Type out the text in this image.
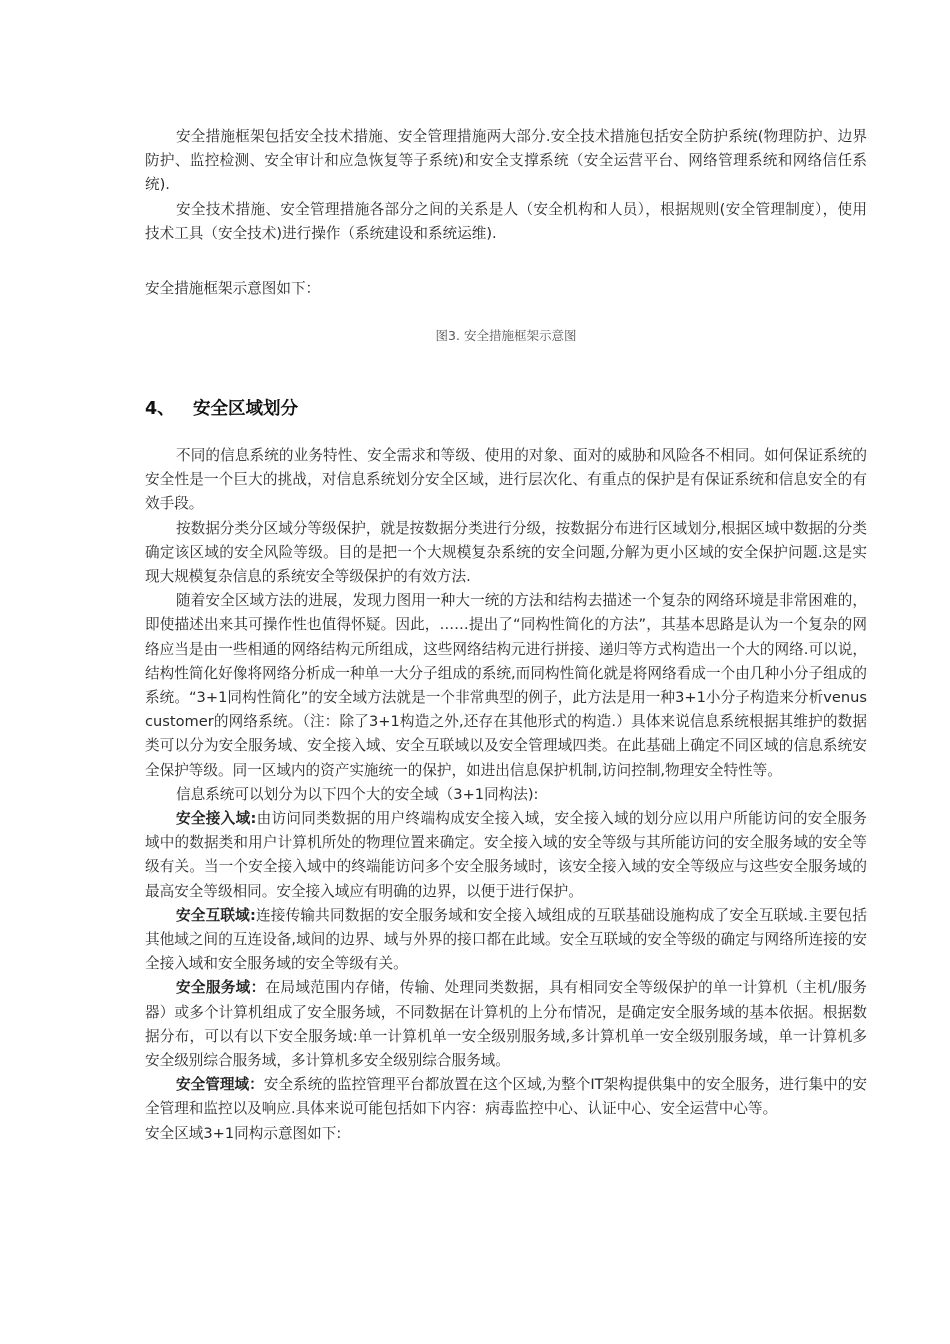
安全措施框架包括安全技术措施、安全管理措施两大部分.安全技术措施包括安全防护系统(物理防护、边界防护、监控检测、安全审计和应急恢复等子系统)和安全支撑系统（安全运营平台、网络管理系统和网络信任系统).

安全技术措施、安全管理措施各部分之间的关系是人（安全机构和人员），根据规则(安全管理制度），使用技术工具（安全技术)进行操作（系统建设和系统运维).

安全措施框架示意图如下：

图3. 安全措施框架示意图
4、 安全区域划分

不同的信息系统的业务特性、安全需求和等级、使用的对象、面对的威胁和风险各不相同。如何保证系统的安全性是一个巨大的挑战，对信息系统划分安全区域，进行层次化、有重点的保护是有保证系统和信息安全的有效手段。

按数据分类分区域分等级保护，就是按数据分类进行分级，按数据分布进行区域划分,根据区域中数据的分类确定该区域的安全风险等级。目的是把一个大规模复杂系统的安全问题,分解为更小区域的安全保护问题.这是实现大规模复杂信息的系统安全等级保护的有效方法.

随着安全区域方法的进展，发现力图用一种大一统的方法和结构去描述一个复杂的网络环境是非常困难的，即使描述出来其可操作性也值得怀疑。因此，……提出了“同构性简化的方法”，其基本思路是认为一个复杂的网络应当是由一些相通的网络结构元所组成，这些网络结构元进行拼接、递归等方式构造出一个大的网络.可以说，结构性简化好像将网络分析成一种单一大分子组成的系统,而同构性简化就是将网络看成一个由几种小分子组成的系统。“3+1同构性简化”的安全域方法就是一个非常典型的例子，此方法是用一种3+1小分子构造来分析venus customer的网络系统。（注：除了3+1构造之外,还存在其他形式的构造.）具体来说信息系统根据其维护的数据类可以分为安全服务域、安全接入域、安全互联域以及安全管理域四类。在此基础上确定不同区域的信息系统安全保护等级。同一区域内的资产实施统一的保护，如进出信息保护机制,访问控制,物理安全特性等。

信息系统可以划分为以下四个大的安全域（3+1同构法):

安全接入域:由访问同类数据的用户终端构成安全接入域，安全接入域的划分应以用户所能访问的安全服务域中的数据类和用户计算机所处的物理位置来确定。安全接入域的安全等级与其所能访问的安全服务域的安全等级有关。当一个安全接入域中的终端能访问多个安全服务域时，该安全接入域的安全等级应与这些安全服务域的最高安全等级相同。安全接入域应有明确的边界，以便于进行保护。

安全互联域:连接传输共同数据的安全服务域和安全接入域组成的互联基础设施构成了安全互联域.主要包括其他域之间的互连设备,域间的边界、域与外界的接口都在此域。安全互联域的安全等级的确定与网络所连接的安全接入域和安全服务域的安全等级有关。

安全服务域：在局域范围内存储，传输、处理同类数据，具有相同安全等级保护的单一计算机（主机/服务器）或多个计算机组成了安全服务域，不同数据在计算机的上分布情况，是确定安全服务域的基本依据。根据数据分布，可以有以下安全服务域:单一计算机单一安全级别服务域,多计算机单一安全级别服务域，单一计算机多安全级别综合服务域，多计算机多安全级别综合服务域。

安全管理域：安全系统的监控管理平台都放置在这个区域,为整个IT架构提供集中的安全服务，进行集中的安全管理和监控以及响应.具体来说可能包括如下内容：病毒监控中心、认证中心、安全运营中心等。

安全区域3+1同构示意图如下:
